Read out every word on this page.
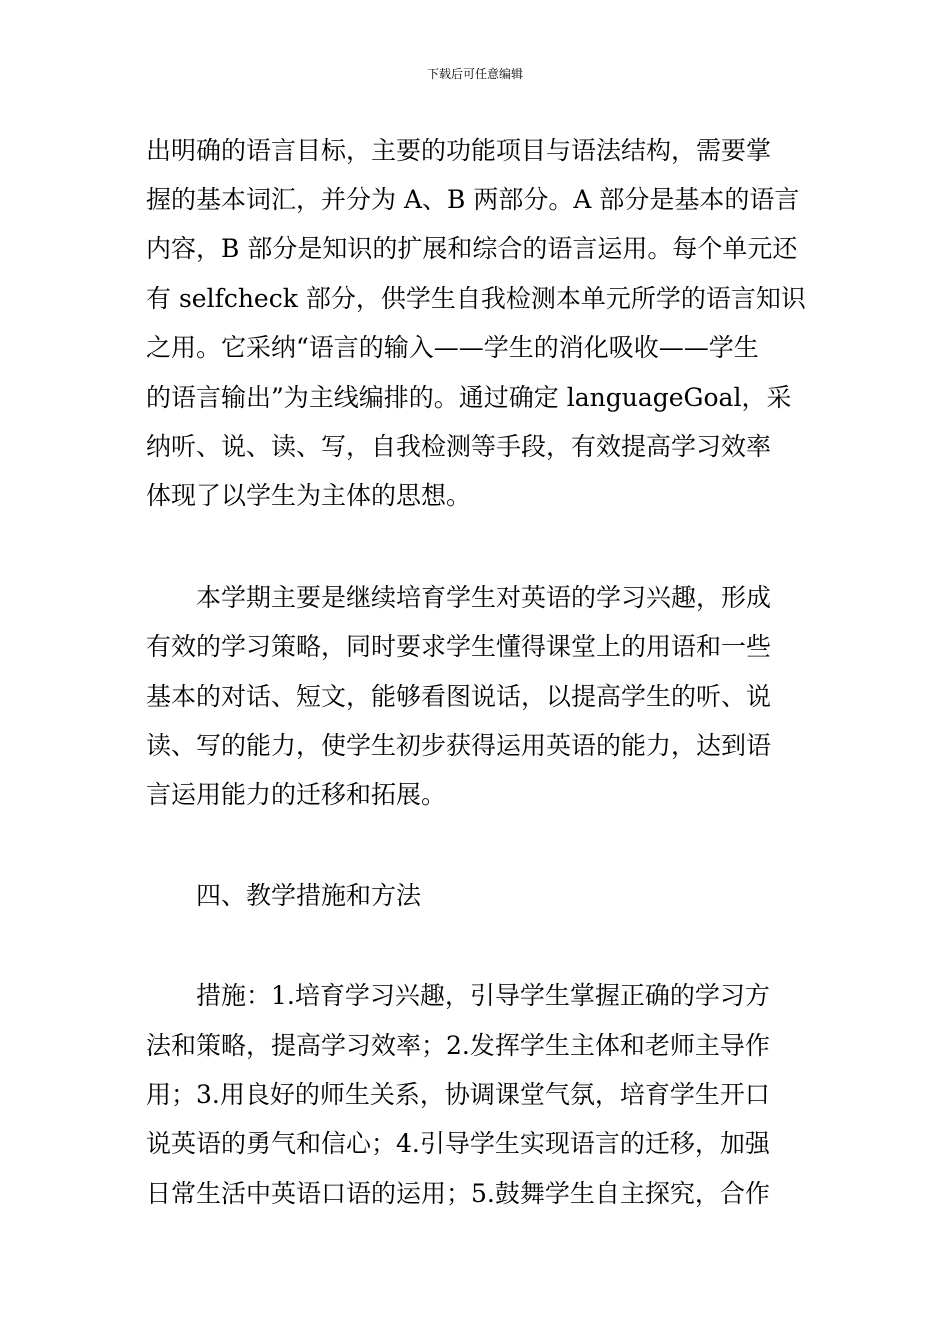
下载后可任意编辑
出明确的语言目标，主要的功能项目与语法结构，需要掌
握的基本词汇，并分为 A、B 两部分。A 部分是基本的语言
内容，B 部分是知识的扩展和综合的语言运用。每个单元还
有 selfcheck 部分，供学生自我检测本单元所学的语言知识
之用。它采纳“语言的输入——学生的消化吸收——学生
的语言输出”为主线编排的。通过确定 languageGoal，采
纳听、说、读、写，自我检测等手段，有效提高学习效率
体现了以学生为主体的思想。
本学期主要是继续培育学生对英语的学习兴趣，形成
有效的学习策略，同时要求学生懂得课堂上的用语和一些
基本的对话、短文，能够看图说话，以提高学生的听、说
读、写的能力，使学生初步获得运用英语的能力，达到语
言运用能力的迁移和拓展。
四、教学措施和方法
措施：1.培育学习兴趣，引导学生掌握正确的学习方
法和策略，提高学习效率；2.发挥学生主体和老师主导作
用；3.用良好的师生关系，协调课堂气氛，培育学生开口
说英语的勇气和信心；4.引导学生实现语言的迁移，加强
日常生活中英语口语的运用；5.鼓舞学生自主探究，合作
